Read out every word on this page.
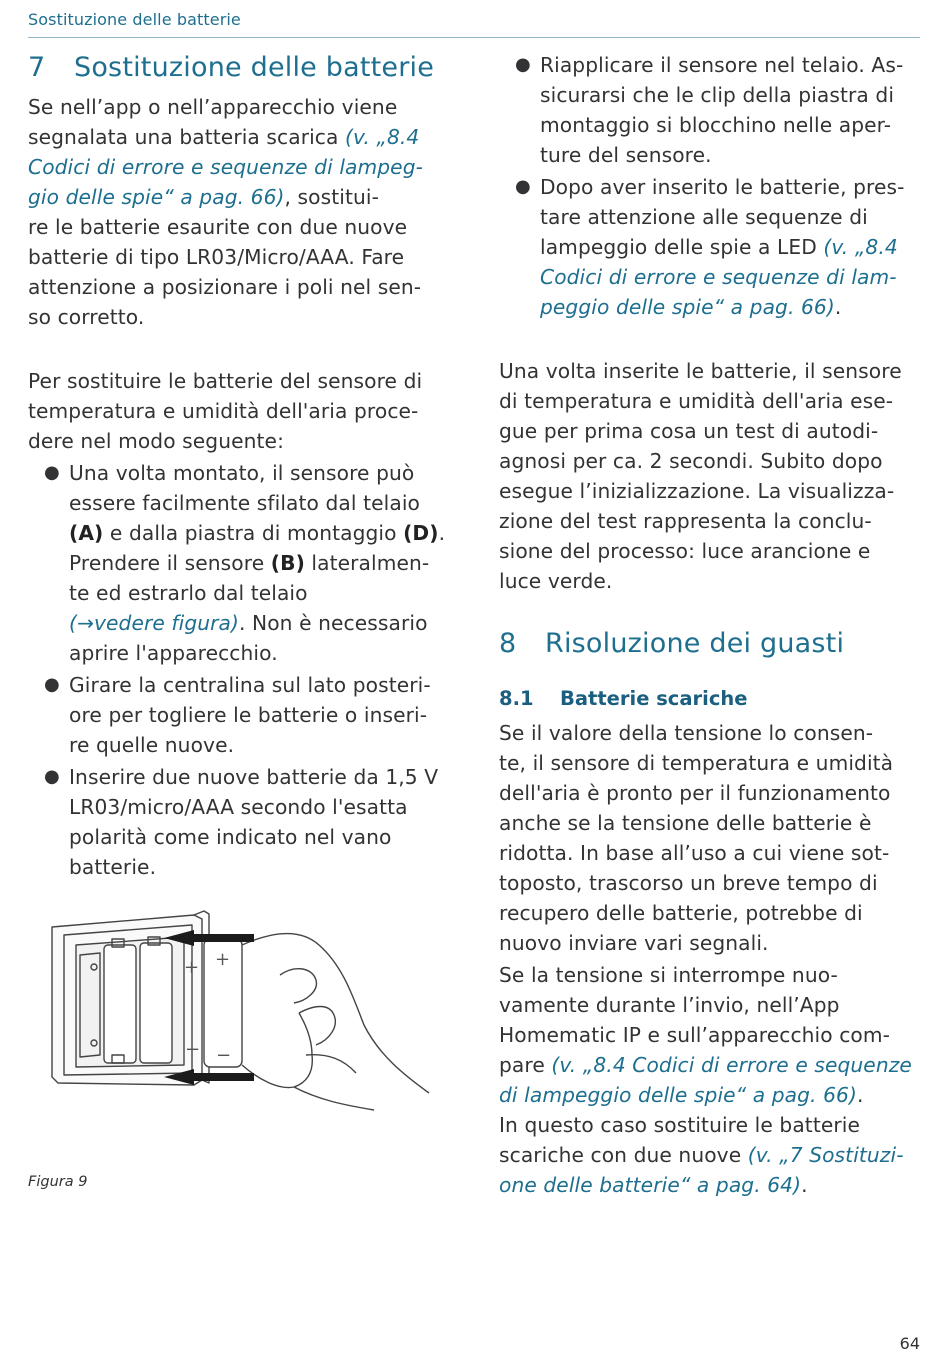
Sostituzione delle batterie
7 Sostituzione delle batterie

Se nell’app o nell’apparecchio viene
segnalata una batteria scarica (v. „8.4
Codici di errore e sequenze di lampeg-
gio delle spie“ a pag. 66), sostitui-
re le batterie esaurite con due nuove
batterie di tipo LR03/Micro/AAA. Fare
attenzione a posizionare i poli nel sen-
so corretto.

Per sostituire le batterie del sensore di
temperatura e umidità dell'aria proce-
dere nel modo seguente:

● Una volta montato, il sensore può
essere facilmente sfilato dal telaio
(A) e dalla piastra di montaggio (D).
Prendere il sensore (B) lateralmen-
te ed estrarlo dal telaio
(→vedere figura). Non è necessario
aprire l'apparecchio.
● Girare la centralina sul lato posteri-
ore per togliere le batterie o inseri-
re quelle nuove.
● Inserire due nuove batterie da 1,5 V
LR03/micro/AAA secondo l'esatta
polarità come indicato nel vano
batterie.
+ +
− −
Figura 9
● Riapplicare il sensore nel telaio. As-
sicurarsi che le clip della piastra di
montaggio si blocchino nelle aper-
ture del sensore.
● Dopo aver inserito le batterie, pres-
tare attenzione alle sequenze di
lampeggio delle spie a LED (v. „8.4
Codici di errore e sequenze di lam-
peggio delle spie“ a pag. 66).

Una volta inserite le batterie, il sensore
di temperatura e umidità dell'aria ese-
gue per prima cosa un test di autodi-
agnosi per ca. 2 secondi. Subito dopo
esegue l’inizializzazione. La visualizza-
zione del test rappresenta la conclu-
sione del processo: luce arancione e
luce verde.

8 Risoluzione dei guasti
8.1 Batterie scariche

Se il valore della tensione lo consen-
te, il sensore di temperatura e umidità
dell'aria è pronto per il funzionamento
anche se la tensione delle batterie è
ridotta. In base all’uso a cui viene sot-
toposto, trascorso un breve tempo di
recupero delle batterie, potrebbe di
nuovo inviare vari segnali.

Se la tensione si interrompe nuo-
vamente durante l’invio, nell’App
Homematic IP e sull’apparecchio com-
pare (v. „8.4 Codici di errore e sequenze
di lampeggio delle spie“ a pag. 66).

In questo caso sostituire le batterie
scariche con due nuove (v. „7 Sostituzi-
one delle batterie“ a pag. 64).

64
